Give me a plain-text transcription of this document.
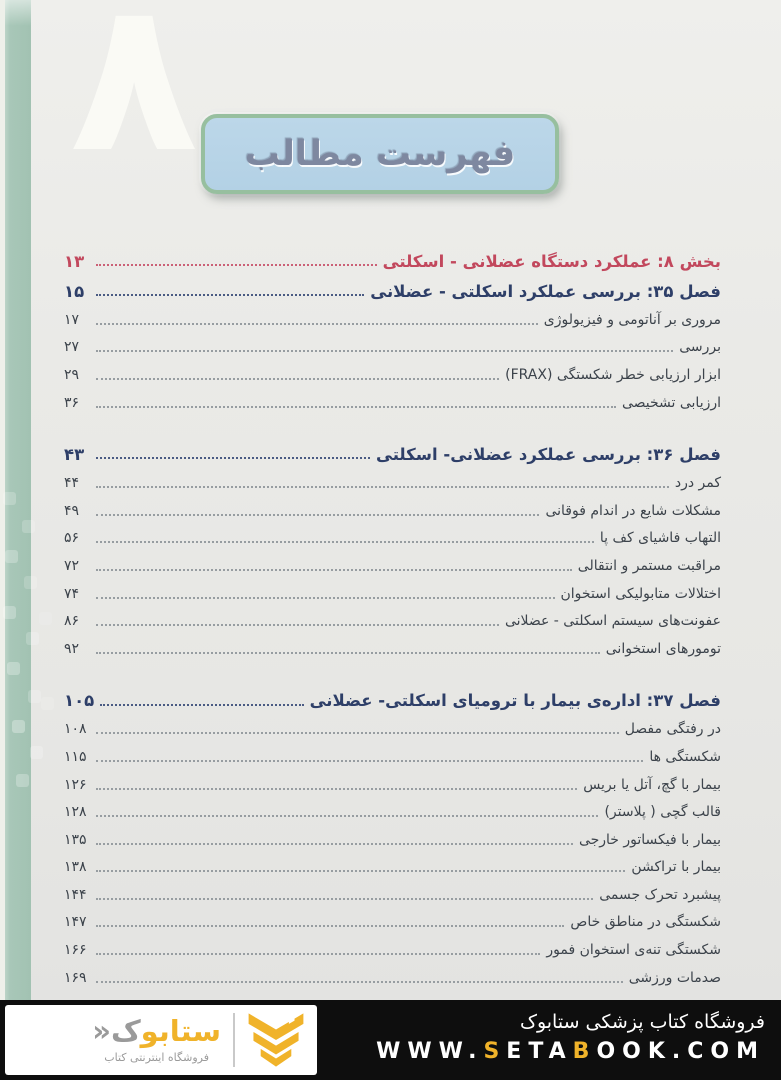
۸ فهرست مطالب
بخش ۸: عملکرد دستگاه عضلانی - اسکلتی
۱۳
فصل ۳۵: بررسی عملکرد اسکلتی - عضلانی
۱۵
مروری بر آناتومی و فیزیولوژی
۱۷
بررسی
۲۷
ابزار ارزیابی خطر شکستگی (FRAX)
۲۹
ارزیابی تشخیصی
۳۶
فصل ۳۶: بررسی عملکرد عضلانی- اسکلتی
۴۳
کمر درد
۴۴
مشکلات شایع در اندام فوقانی
۴۹
التهاب فاشیای کف پا
۵۶
مراقبت مستمر و انتقالی
۷۲
اختلالات متابولیکی استخوان
۷۴
عفونت‌های سیستم اسکلتی - عضلانی
۸۶
تومورهای استخوانی
۹۲
فصل ۳۷: اداره‌ی بیمار با ترومیای اسکلتی- عضلانی
۱۰۵
در رفتگی مفصل
۱۰۸
شکستگی ها
۱۱۵
بیمار با گچ، آتل یا بریس
۱۲۶
قالب گچی ( پلاستر)
۱۲۸
بیمار با فیکساتور خارجی
۱۳۵
بیمار با تراکشن
۱۳۸
پیشبرد تحرک جسمی
۱۴۴
شکستگی در مناطق خاص
۱۴۷
شکستگی تنه‌ی استخوان فمور
۱۶۶
صدمات ورزشی
۱۶۹
ستابوک«
فروشگاه اینترنتی کتاب
فروشگاه کتاب پزشکی ستابوک
WWW.SETABOOK.COM
